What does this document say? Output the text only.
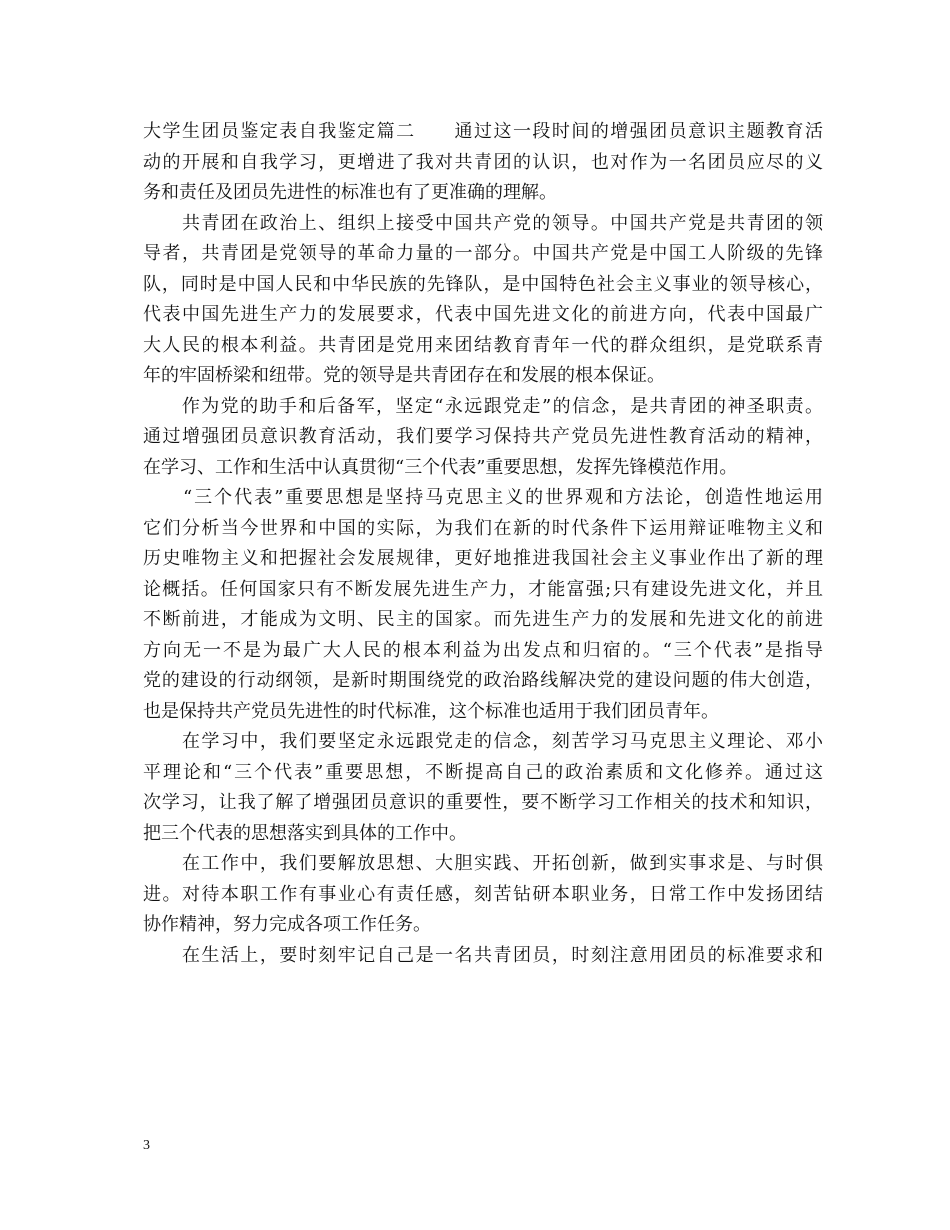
大学生团员鉴定表自我鉴定篇二　　通过这一段时间的增强团员意识主题教育活
动的开展和自我学习，更增进了我对共青团的认识，也对作为一名团员应尽的义
务和责任及团员先进性的标准也有了更准确的理解。
　　共青团在政治上、组织上接受中国共产党的领导。中国共产党是共青团的领
导者，共青团是党领导的革命力量的一部分。中国共产党是中国工人阶级的先锋
队，同时是中国人民和中华民族的先锋队，是中国特色社会主义事业的领导核心，
代表中国先进生产力的发展要求，代表中国先进文化的前进方向，代表中国最广
大人民的根本利益。共青团是党用来团结教育青年一代的群众组织，是党联系青
年的牢固桥梁和纽带。党的领导是共青团存在和发展的根本保证。
　　作为党的助手和后备军，坚定“永远跟党走”的信念，是共青团的神圣职责。
通过增强团员意识教育活动，我们要学习保持共产党员先进性教育活动的精神，
在学习、工作和生活中认真贯彻“三个代表”重要思想，发挥先锋模范作用。
　　“三个代表”重要思想是坚持马克思主义的世界观和方法论，创造性地运用
它们分析当今世界和中国的实际，为我们在新的时代条件下运用辩证唯物主义和
历史唯物主义和把握社会发展规律，更好地推进我国社会主义事业作出了新的理
论概括。任何国家只有不断发展先进生产力，才能富强;只有建设先进文化，并且
不断前进，才能成为文明、民主的国家。而先进生产力的发展和先进文化的前进
方向无一不是为最广大人民的根本利益为出发点和归宿的。“三个代表”是指导
党的建设的行动纲领，是新时期围绕党的政治路线解决党的建设问题的伟大创造，
也是保持共产党员先进性的时代标准，这个标准也适用于我们团员青年。
　　在学习中，我们要坚定永远跟党走的信念，刻苦学习马克思主义理论、邓小
平理论和“三个代表”重要思想，不断提高自己的政治素质和文化修养。通过这
次学习，让我了解了增强团员意识的重要性，要不断学习工作相关的技术和知识，
把三个代表的思想落实到具体的工作中。
　　在工作中，我们要解放思想、大胆实践、开拓创新，做到实事求是、与时俱
进。对待本职工作有事业心有责任感，刻苦钻研本职业务，日常工作中发扬团结
协作精神，努力完成各项工作任务。
　　在生活上，要时刻牢记自己是一名共青团员，时刻注意用团员的标准要求和
3
